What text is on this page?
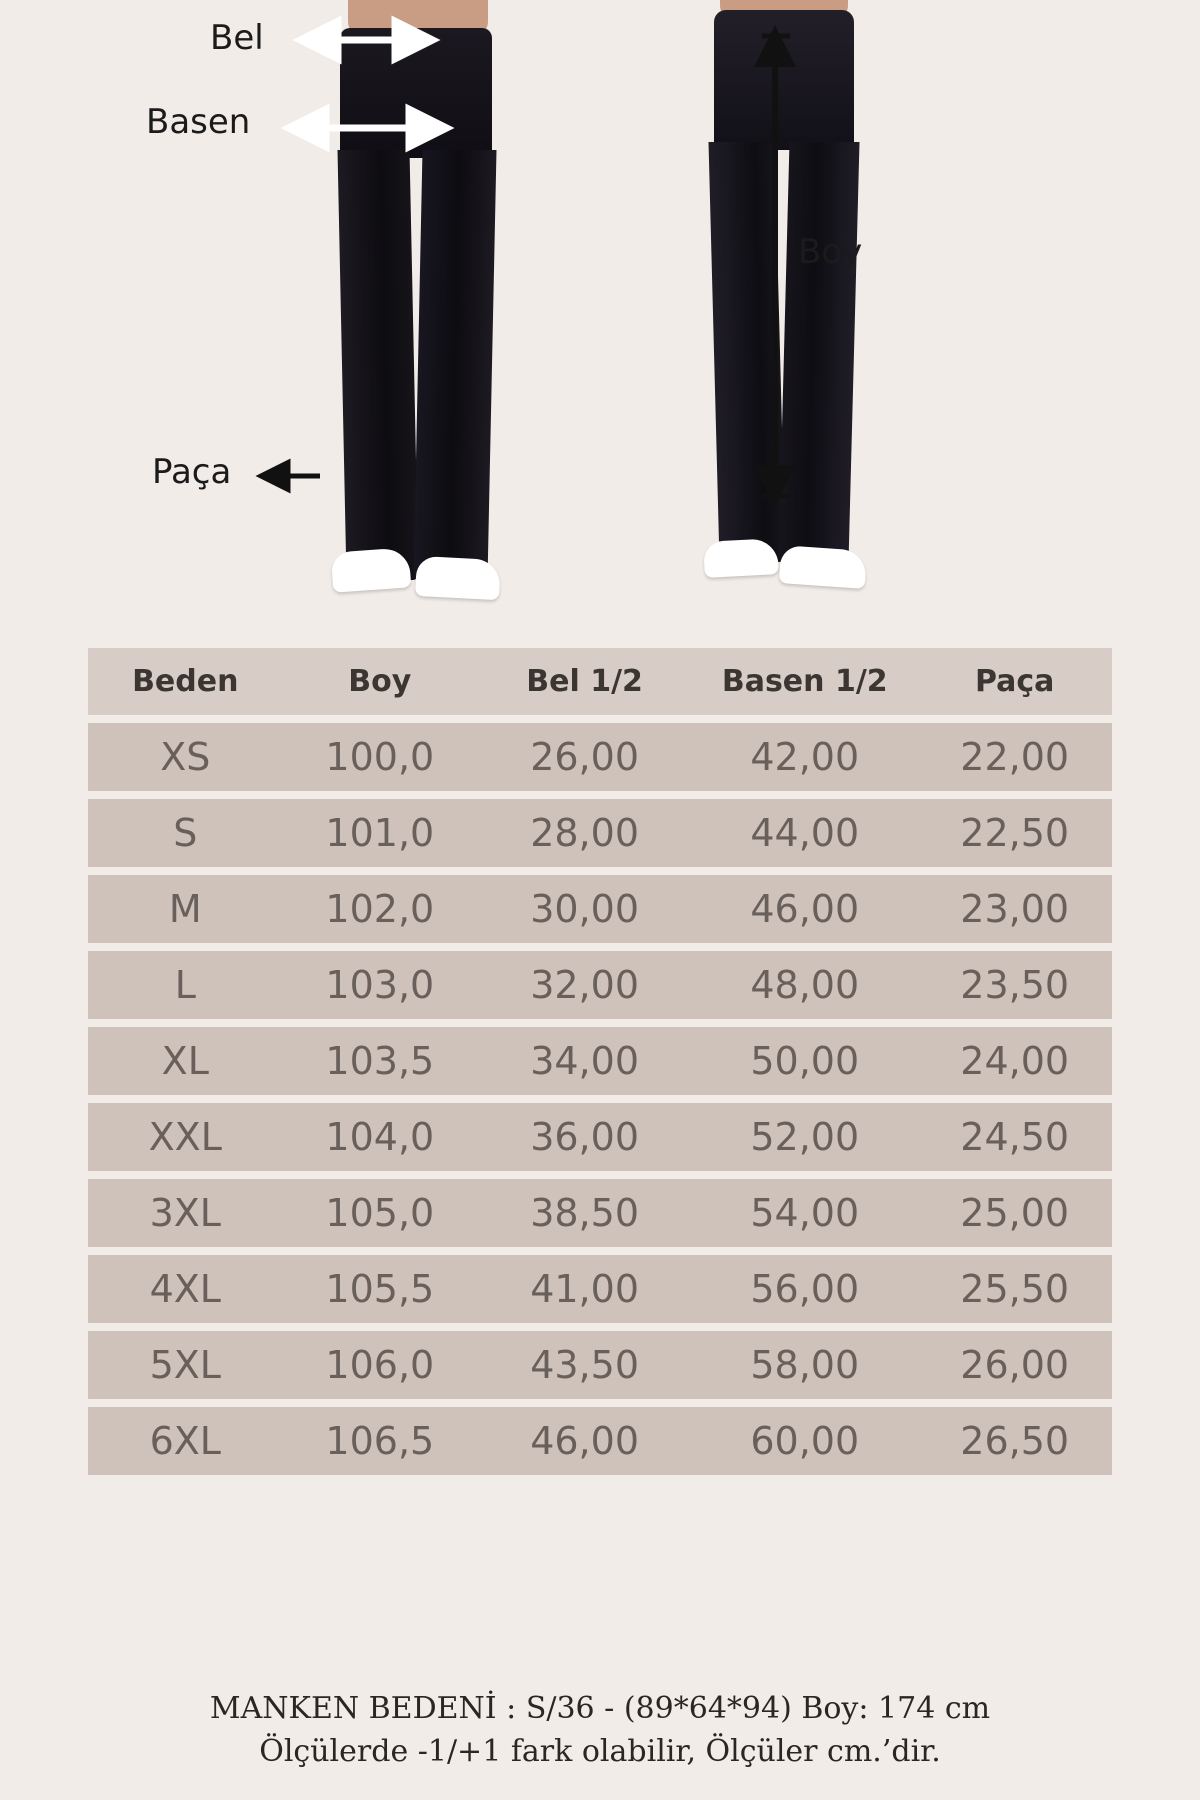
Bel
Basen
Paça
Boy
Beden	Boy	Bel 1/2	Basen 1/2	Paça
XS	100,0	26,00	42,00	22,00
S	101,0	28,00	44,00	22,50
M	102,0	30,00	46,00	23,00
L	103,0	32,00	48,00	23,50
XL	103,5	34,00	50,00	24,00
XXL	104,0	36,00	52,00	24,50
3XL	105,0	38,50	54,00	25,00
4XL	105,5	41,00	56,00	25,50
5XL	106,0	43,50	58,00	26,00
6XL	106,5	46,00	60,00	26,50
MANKEN BEDENİ : S/36 - (89*64*94) Boy: 174 cm
Ölçülerde -1/+1 fark olabilir, Ölçüler cm.’dir.
